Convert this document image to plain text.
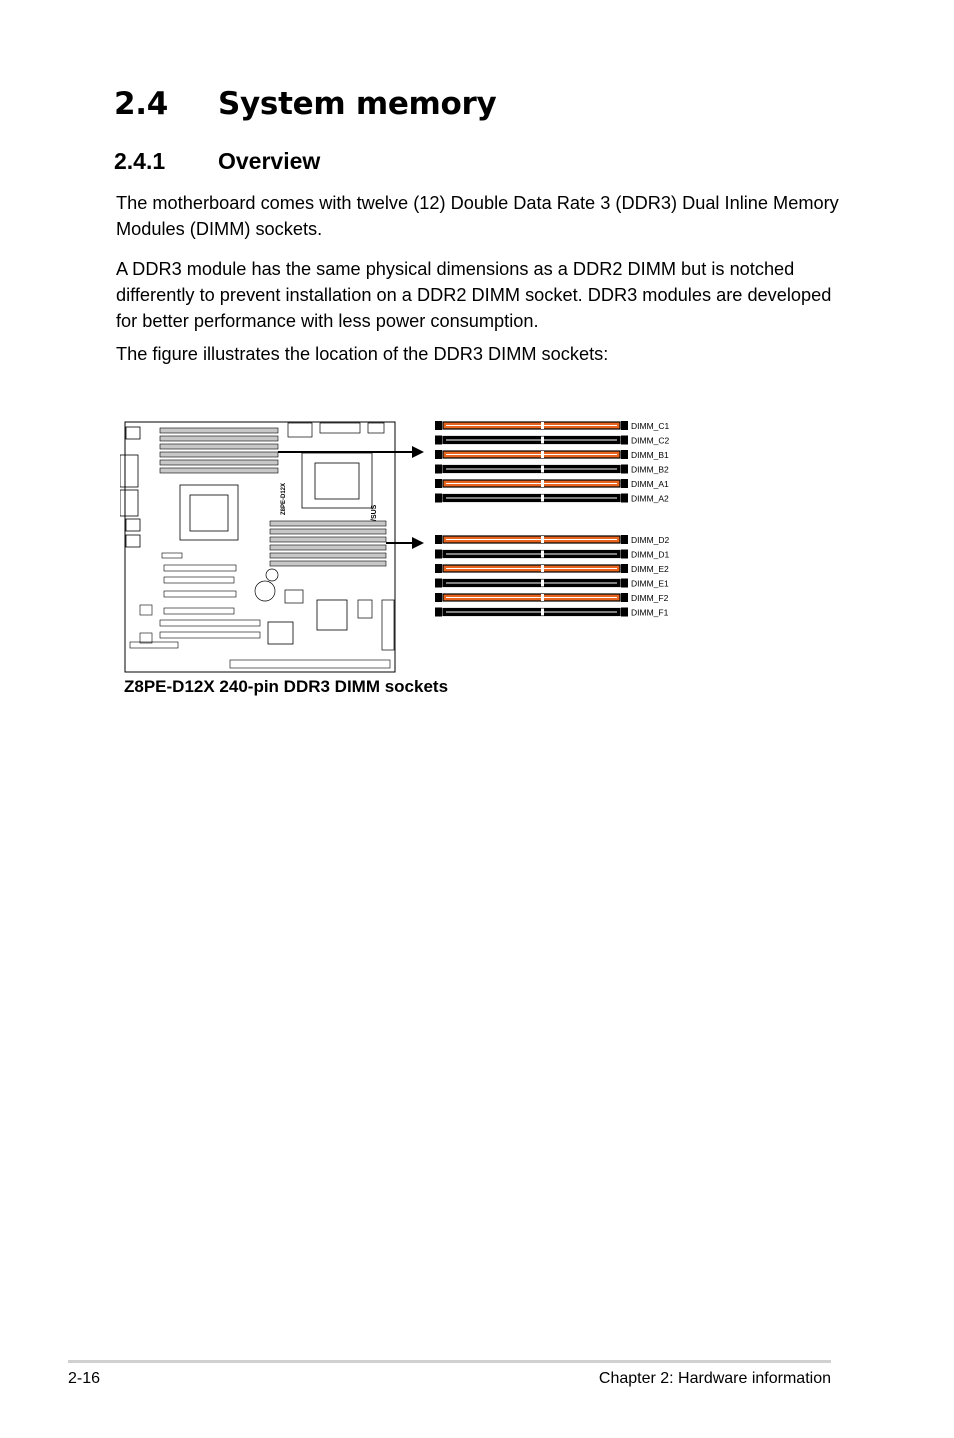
2.4 System memory
2.4.1 Overview

The motherboard comes with twelve (12) Double Data Rate 3 (DDR3) Dual Inline Memory Modules (DIMM) sockets.

A DDR3 module has the same physical dimensions as a DDR2 DIMM but is notched differently to prevent installation on a DDR2 DIMM socket. DDR3 modules are developed for better performance with less power consumption.

The figure illustrates the location of the DDR3 DIMM sockets:

Z8PE-D12X	/SUS
DIMM_C1
DIMM_C2
DIMM_B1
DIMM_B2
DIMM_A1
DIMM_A2
DIMM_D2
DIMM_D1
DIMM_E2
DIMM_E1
DIMM_F2
DIMM_F1

Z8PE-D12X 240-pin DDR3 DIMM sockets

2-16	Chapter 2: Hardware information
